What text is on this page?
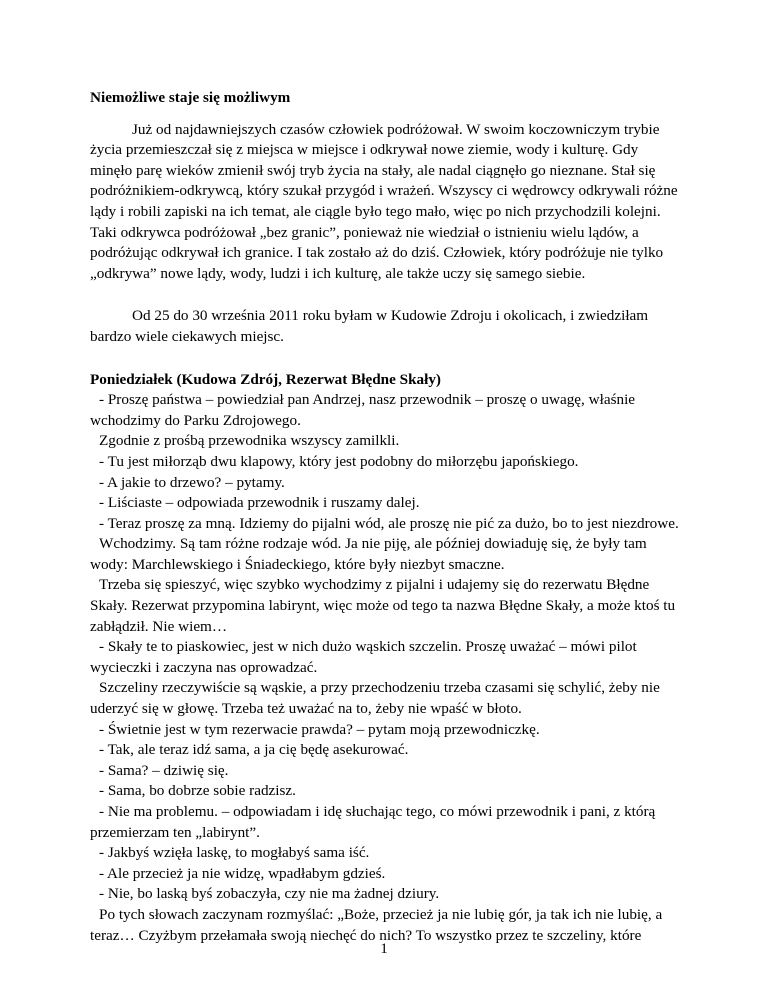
Niemożliwe staje się możliwym

Już od najdawniejszych czasów człowiek podróżował. W swoim koczowniczym trybie życia przemieszczał się z miejsca w miejsce i odkrywał nowe ziemie, wody i kulturę. Gdy minęło parę wieków zmienił swój tryb życia na stały, ale nadal ciągnęło go nieznane. Stał się podróżnikiem-odkrywcą, który szukał przygód i wrażeń. Wszyscy ci wędrowcy odkrywali różne lądy i robili zapiski na ich temat, ale ciągle było tego mało, więc po nich przychodzili kolejni. Taki odkrywca podróżował „bez granic”, ponieważ nie wiedział o istnieniu wielu lądów, a podróżując odkrywał ich granice. I tak zostało aż do dziś. Człowiek, który podróżuje nie tylko „odkrywa” nowe lądy, wody, ludzi i ich kulturę, ale także uczy się samego siebie.

Od 25 do 30 września 2011 roku byłam w Kudowie Zdroju i okolicach, i zwiedziłam bardzo wiele ciekawych miejsc.

Poniedziałek (Kudowa Zdrój, Rezerwat Błędne Skały)

- Proszę państwa – powiedział pan Andrzej, nasz przewodnik – proszę o uwagę, właśnie wchodzimy do Parku Zdrojowego.

Zgodnie z prośbą przewodnika wszyscy zamilkli.

- Tu jest miłorząb dwu klapowy, który jest podobny do miłorzębu japońskiego.

- A jakie to drzewo? – pytamy.

- Liściaste – odpowiada przewodnik i ruszamy dalej.

- Teraz proszę za mną. Idziemy do pijalni wód, ale proszę nie pić za dużo, bo to jest niezdrowe.

Wchodzimy. Są tam różne rodzaje wód. Ja nie piję, ale później dowiaduję się, że były tam wody: Marchlewskiego i Śniadeckiego, które były niezbyt smaczne.

Trzeba się spieszyć, więc szybko wychodzimy z pijalni i udajemy się do rezerwatu Błędne Skały. Rezerwat przypomina labirynt, więc może od tego ta nazwa Błędne Skały, a może ktoś tu zabłądził. Nie wiem…

- Skały te to piaskowiec, jest w nich dużo wąskich szczelin. Proszę uważać – mówi pilot wycieczki i zaczyna nas oprowadzać.

Szczeliny rzeczywiście są wąskie, a przy przechodzeniu trzeba czasami się schylić, żeby nie uderzyć się w głowę. Trzeba też uważać na to, żeby nie wpaść w błoto.

- Świetnie jest w tym rezerwacie prawda? – pytam moją przewodniczkę.

- Tak, ale teraz idź sama, a ja cię będę asekurować.

- Sama? – dziwię się.

- Sama, bo dobrze sobie radzisz.

- Nie ma problemu. – odpowiadam i idę słuchając tego, co mówi przewodnik i pani, z którą przemierzam ten „labirynt”.

- Jakbyś wzięła laskę, to mogłabyś sama iść.

- Ale przecież ja nie widzę, wpadłabym gdzieś.

- Nie, bo laską byś zobaczyła, czy nie ma żadnej dziury.

Po tych słowach zaczynam rozmyślać: „Boże, przecież ja nie lubię gór, ja tak ich nie lubię, a teraz… Czyżbym przełamała swoją niechęć do nich? To wszystko przez te szczeliny, które

1
